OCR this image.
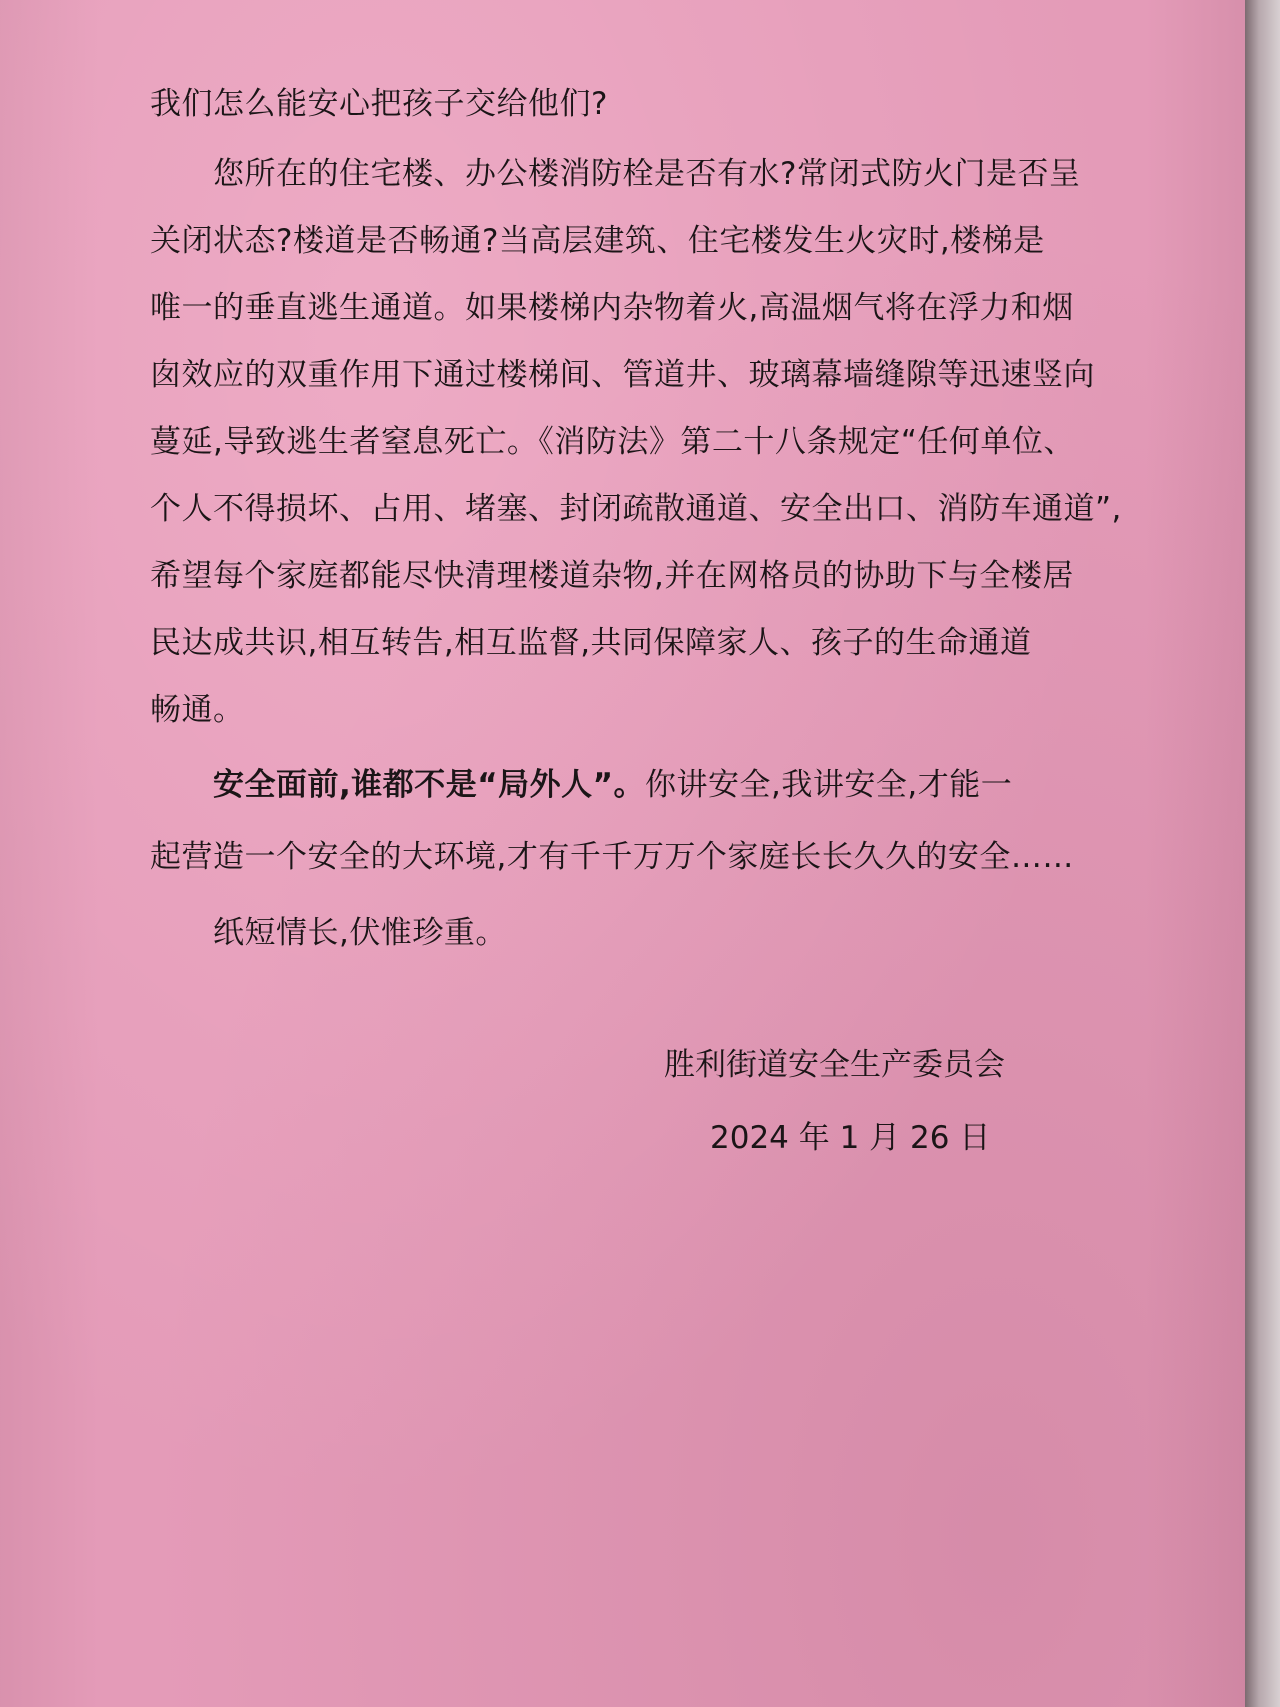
我们怎么能安心把孩子交给他们?

您所在的住宅楼、办公楼消防栓是否有水?常闭式防火门是否呈

关闭状态?楼道是否畅通?当高层建筑、住宅楼发生火灾时,楼梯是

唯一的垂直逃生通道。如果楼梯内杂物着火,高温烟气将在浮力和烟

囱效应的双重作用下通过楼梯间、管道井、玻璃幕墙缝隙等迅速竖向

蔓延,导致逃生者窒息死亡。《消防法》第二十八条规定“任何单位、

个人不得损坏、占用、堵塞、封闭疏散通道、安全出口、消防车通道”,

希望每个家庭都能尽快清理楼道杂物,并在网格员的协助下与全楼居

民达成共识,相互转告,相互监督,共同保障家人、孩子的生命通道

畅通。

安全面前,谁都不是“局外人”。你讲安全,我讲安全,才能一

起营造一个安全的大环境,才有千千万万个家庭长长久久的安全……

纸短情长,伏惟珍重。

胜利街道安全生产委员会

2024 年 1 月 26 日
